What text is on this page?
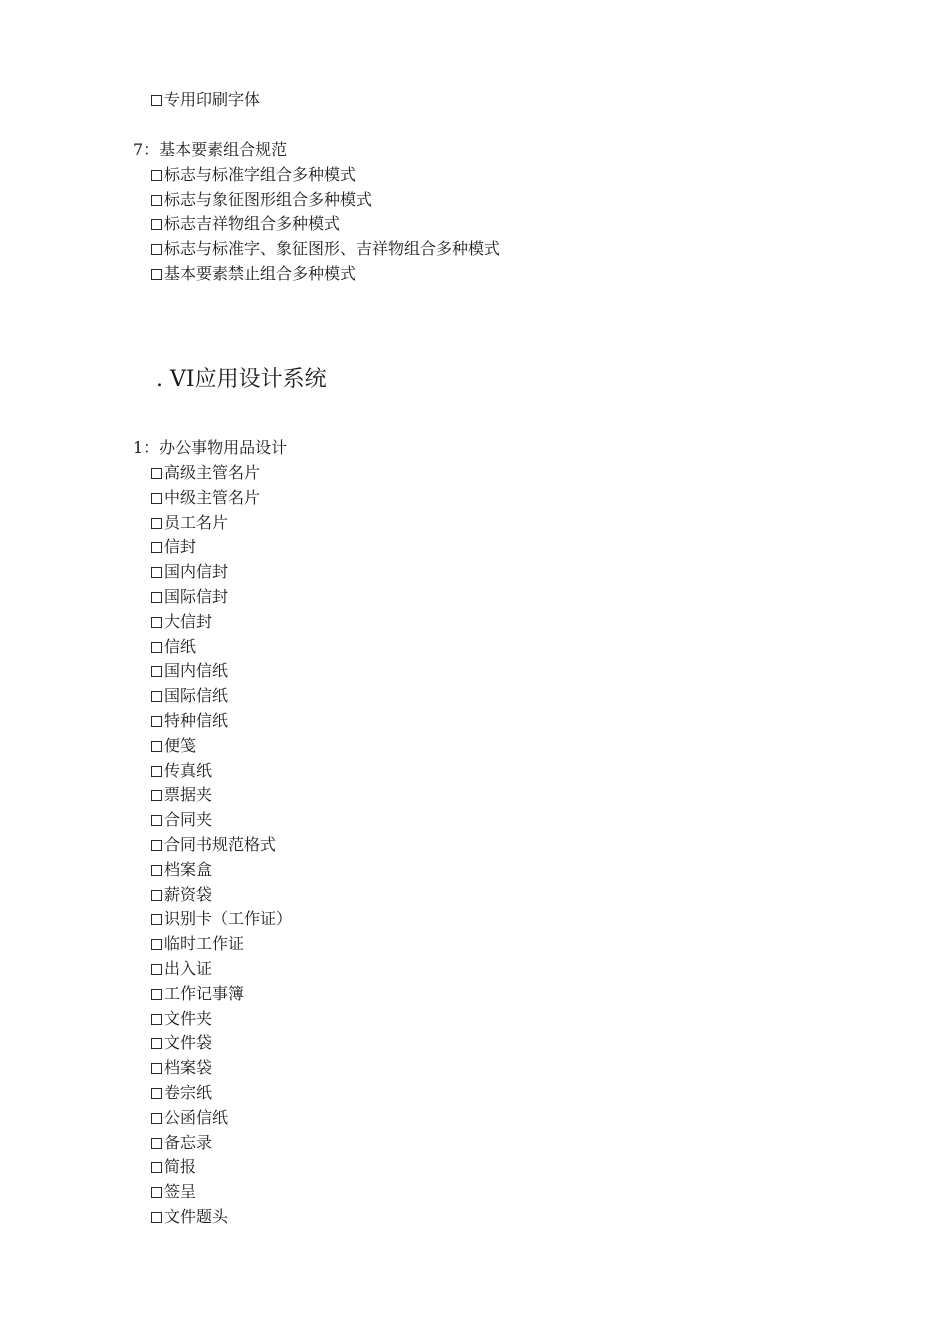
专用印刷字体
7：基本要素组合规范
标志与标准字组合多种模式
标志与象征图形组合多种模式
标志吉祥物组合多种模式
标志与标准字、象征图形、吉祥物组合多种模式
基本要素禁止组合多种模式
. VI应用设计系统
1：办公事物用品设计
高级主管名片
中级主管名片
员工名片
信封
国内信封
国际信封
大信封
信纸
国内信纸
国际信纸
特种信纸
便笺
传真纸
票据夹
合同夹
合同书规范格式
档案盒
薪资袋
识别卡（工作证）
临时工作证
出入证
工作记事簿
文件夹
文件袋
档案袋
卷宗纸
公函信纸
备忘录
简报
签呈
文件题头
